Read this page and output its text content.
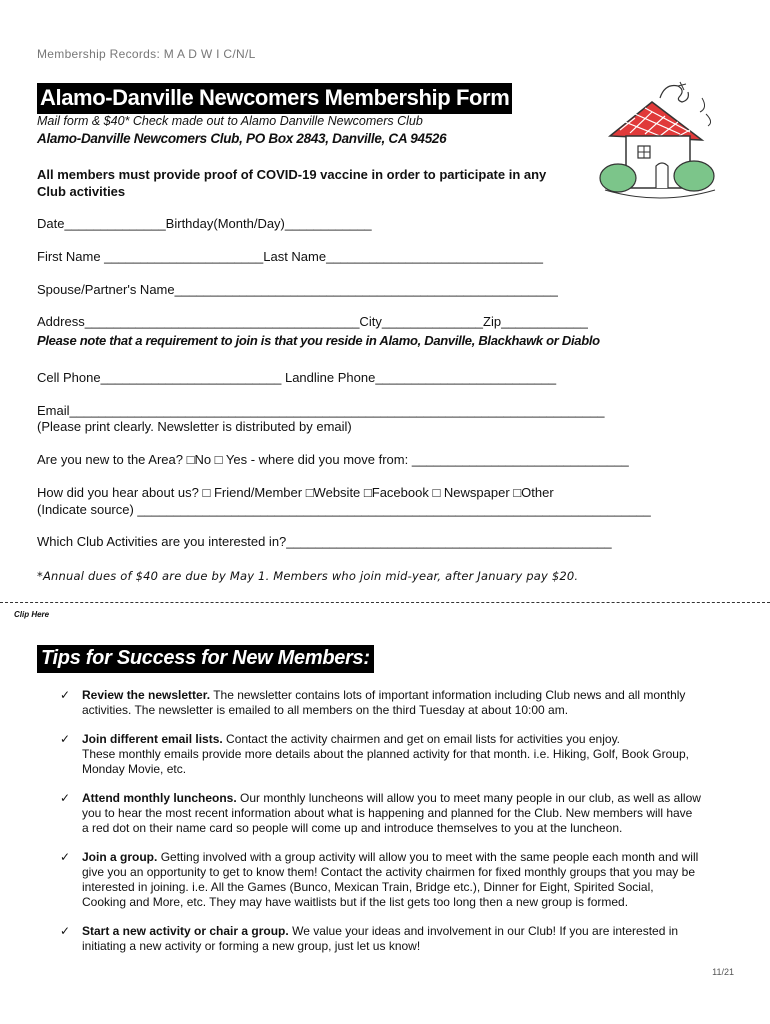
Membership Records: M A D W I C/N/L
Alamo-Danville Newcomers Membership Form
Mail form & $40* Check made out to Alamo Danville Newcomers Club
Alamo-Danville Newcomers Club, PO Box 2843, Danville, CA 94526
All members must provide proof of COVID-19 vaccine in order to participate in any Club activities
Date______________Birthday(Month/Day)____________
First Name ______________________Last Name______________________________
Spouse/Partner's Name_____________________________________________________
Address______________________________________City______________Zip____________
Please note that a requirement to join is that you reside in Alamo, Danville, Blackhawk or Diablo
Cell Phone_________________________ Landline Phone_________________________
Email__________________________________________________________________________
(Please print clearly. Newsletter is distributed by email)
Are you new to the Area? □No □ Yes - where did you move from: ______________________________
How did you hear about us? □ Friend/Member □Website □Facebook □ Newspaper □Other
(Indicate source) _______________________________________________________________________
Which Club Activities are you interested in?_____________________________________________
*Annual dues of $40 are due by May 1. Members who join mid-year, after January pay $20.
Clip Here
Tips for Success for New Members:
✓ Review the newsletter. The newsletter contains lots of important information including Club news and all monthly
activities. The newsletter is emailed to all members on the third Tuesday at about 10:00 am.
✓ Join different email lists. Contact the activity chairmen and get on email lists for activities you enjoy.
These monthly emails provide more details about the planned activity for that month. i.e. Hiking, Golf, Book Group,
Monday Movie, etc.
✓ Attend monthly luncheons. Our monthly luncheons will allow you to meet many people in our club, as well as allow
you to hear the most recent information about what is happening and planned for the Club. New members will have
a red dot on their name card so people will come up and introduce themselves to you at the luncheon.
✓ Join a group. Getting involved with a group activity will allow you to meet with the same people each month and will
give you an opportunity to get to know them! Contact the activity chairmen for fixed monthly groups that you may be
interested in joining. i.e. All the Games (Bunco, Mexican Train, Bridge etc.), Dinner for Eight, Spirited Social,
Cooking and More, etc. They may have waitlists but if the list gets too long then a new group is formed.
✓ Start a new activity or chair a group. We value your ideas and involvement in our Club! If you are interested in
initiating a new activity or forming a new group, just let us know!
11/21
